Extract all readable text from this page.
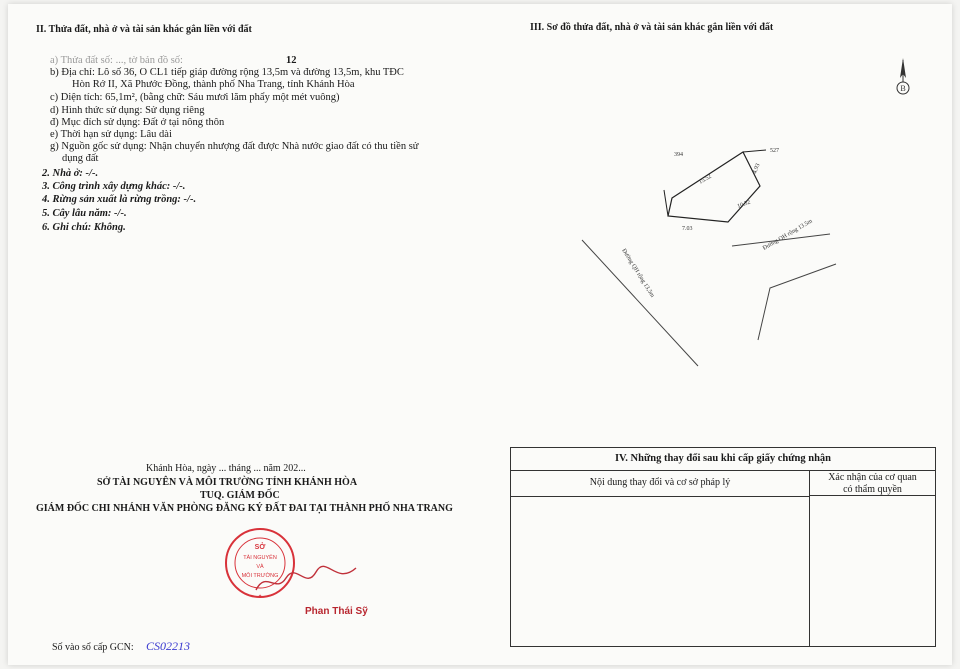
II. Thửa đất, nhà ở và tài sản khác gắn liền với đất
a) Thửa đất số: ..., tờ bản đồ số:	12
b) Địa chỉ: Lô số 36, O CL1 tiếp giáp đường rộng 13,5m và đường 13,5m, khu TĐC
Hòn Rớ II, Xã Phước Đồng, thành phố Nha Trang, tỉnh Khánh Hòa
c) Diện tích: 65,1m², (bằng chữ: Sáu mươi lăm phẩy một mét vuông)
d) Hình thức sử dụng: Sử dụng riêng
đ) Mục đích sử dụng: Đất ở tại nông thôn
e) Thời hạn sử dụng: Lâu dài
g) Nguồn gốc sử dụng: Nhận chuyển nhượng đất được Nhà nước giao đất có thu tiền sử
dụng đất
2. Nhà ở: -/-.
3. Công trình xây dựng khác: -/-.
4. Rừng sản xuất là rừng trồng: -/-.
5. Cây lâu năm: -/-.
6. Ghi chú: Không.
Khánh Hòa, ngày ... tháng ... năm 202...
SỞ TÀI NGUYÊN VÀ MÔI TRƯỜNG TỈNH KHÁNH HÒA
TUQ. GIÁM ĐỐC
GIÁM ĐỐC CHI NHÁNH VĂN PHÒNG ĐĂNG KÝ ĐẤT ĐAI TẠI THÀNH PHỐ NHA TRANG
SỞ
TÀI NGUYÊN
VÀ
MÔI TRƯỜNG
★
Phan Thái Sỹ
Số vào sổ cấp GCN: CS02213
III. Sơ đồ thửa đất, nhà ở và tài sản khác gắn liền với đất
B
394
527
15.52
4.93
10.52
7.03
Đường QH rộng 13,5m
Đường QH rộng 13.5m
IV. Những thay đổi sau khi cấp giấy chứng nhận
Nội dung thay đổi và cơ sở pháp lý	Xác nhận của cơ quan
có thẩm quyền
